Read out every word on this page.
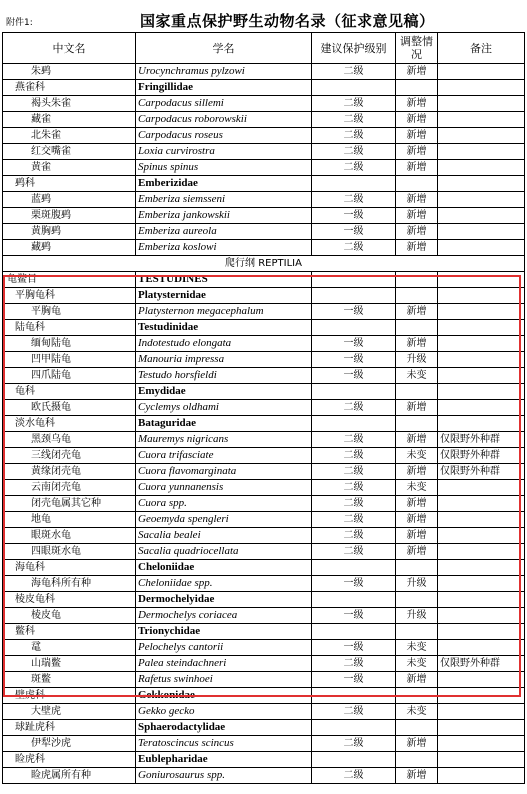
附件1:	国家重点保护野生动物名录（征求意见稿）
中文名	学名	建议保护级别	调整情况	备注
朱鹀	Urocynchramus pylzowi	二级	新增	
燕雀科	Fringillidae			
褐头朱雀	Carpodacus sillemi	二级	新增	
藏雀	Carpodacus roborowskii	二级	新增	
北朱雀	Carpodacus roseus	二级	新增	
红交嘴雀	Loxia curvirostra	二级	新增	
黄雀	Spinus spinus	二级	新增	
鹀科	Emberizidae			
蓝鹀	Emberiza siemsseni	二级	新增	
栗斑腹鹀	Emberiza jankowskii	一级	新增	
黄胸鹀	Emberiza aureola	一级	新增	
藏鹀	Emberiza koslowi	二级	新增	
爬行纲 REPTILIA				
龟鳖目	TESTUDINES			
平胸龟科	Platysternidae			
平胸龟	Platysternon megacephalum	一级	新增	
陆龟科	Testudinidae			
缅甸陆龟	Indotestudo elongata	一级	新增	
凹甲陆龟	Manouria impressa	一级	升级	
四爪陆龟	Testudo horsfieldi	一级	未变	
龟科	Emydidae			
欧氏摄龟	Cyclemys oldhami	二级	新增	
淡水龟科	Bataguridae			
黑颈乌龟	Mauremys nigricans	二级	新增	仅限野外种群
三线闭壳龟	Cuora trifasciate	二级	未变	仅限野外种群
黄缘闭壳龟	Cuora flavomarginata	二级	新增	仅限野外种群
云南闭壳龟	Cuora yunnanensis	二级	未变	
闭壳龟属其它种	Cuora spp.	二级	新增	
地龟	Geoemyda spengleri	二级	新增	
眼斑水龟	Sacalia bealei	二级	新增	
四眼斑水龟	Sacalia quadriocellata	二级	新增	
海龟科	Cheloniidae			
海龟科所有种	Cheloniidae spp.	一级	升级	
棱皮龟科	Dermochelyidae			
棱皮龟	Dermochelys coriacea	一级	升级	
鳖科	Trionychidae			
鼋	Pelochelys cantorii	一级	未变	
山瑞鳖	Palea steindachneri	二级	未变	仅限野外种群
斑鳖	Rafetus swinhoei	一级	新增	
壁虎科	Gekkonidae			
大壁虎	Gekko gecko	二级	未变	
球趾虎科	Sphaerodactylidae			
伊犁沙虎	Teratoscincus scincus	二级	新增	
睑虎科	Eublepharidae			
睑虎属所有种	Goniurosaurus spp.	二级	新增	
